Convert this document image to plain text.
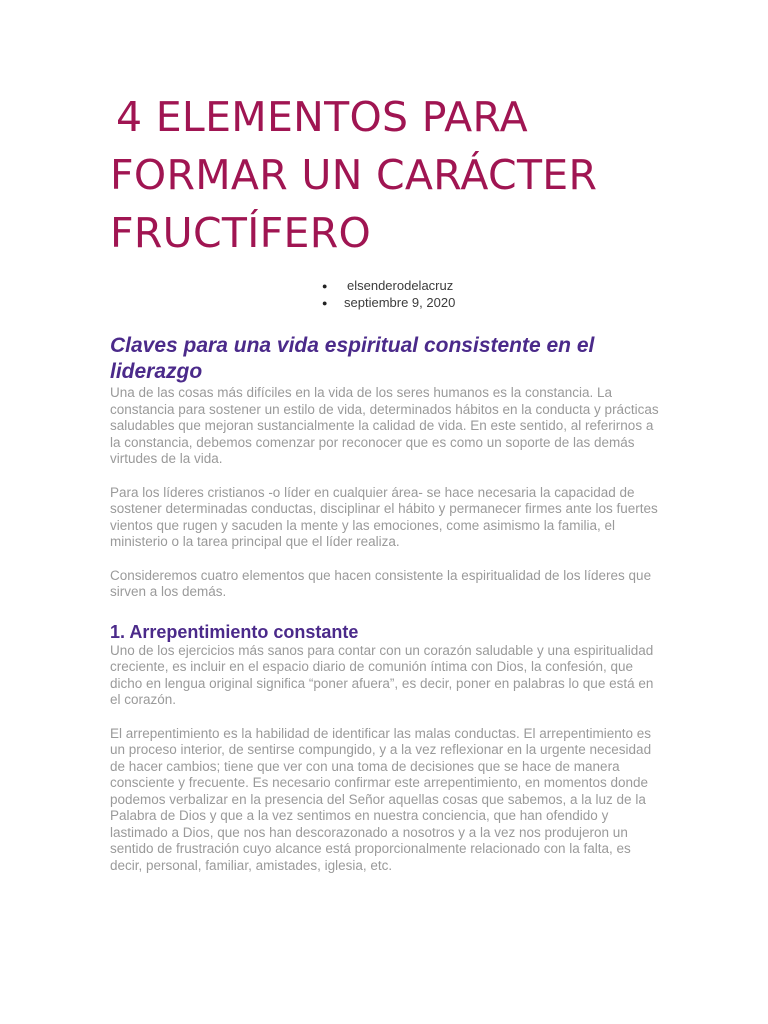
4 ELEMENTOS PARA
FORMAR UN CARÁCTER
FRUCTÍFERO
● elsenderodelacruz
● septiembre 9, 2020
Claves para una vida espiritual consistente en el liderazgo

Una de las cosas más difíciles en la vida de los seres humanos es la constancia. La constancia para sostener un estilo de vida, determinados hábitos en la conducta y prácticas saludables que mejoran sustancialmente la calidad de vida. En este sentido, al referirnos a la constancia, debemos comenzar por reconocer que es como un soporte de las demás virtudes de la vida.

Para los líderes cristianos -o líder en cualquier área- se hace necesaria la capacidad de sostener determinadas conductas, disciplinar el hábito y permanecer firmes ante los fuertes vientos que rugen y sacuden la mente y las emociones, come asimismo la familia, el ministerio o la tarea principal que el líder realiza.

Consideremos cuatro elementos que hacen consistente la espiritualidad de los líderes que sirven a los demás.

1. Arrepentimiento constante

Uno de los ejercicios más sanos para contar con un corazón saludable y una espiritualidad creciente, es incluir en el espacio diario de comunión íntima con Dios, la confesión, que dicho en lengua original significa “poner afuera”, es decir, poner en palabras lo que está en el corazón.

El arrepentimiento es la habilidad de identificar las malas conductas. El arrepentimiento es un proceso interior, de sentirse compungido, y a la vez reflexionar en la urgente necesidad de hacer cambios; tiene que ver con una toma de decisiones que se hace de manera consciente y frecuente. Es necesario confirmar este arrepentimiento, en momentos donde podemos verbalizar en la presencia del Señor aquellas cosas que sabemos, a la luz de la Palabra de Dios y que a la vez sentimos en nuestra conciencia, que han ofendido y lastimado a Dios, que nos han descorazonado a nosotros y a la vez nos produjeron un sentido de frustración cuyo alcance está proporcionalmente relacionado con la falta, es decir, personal, familiar, amistades, iglesia, etc.
